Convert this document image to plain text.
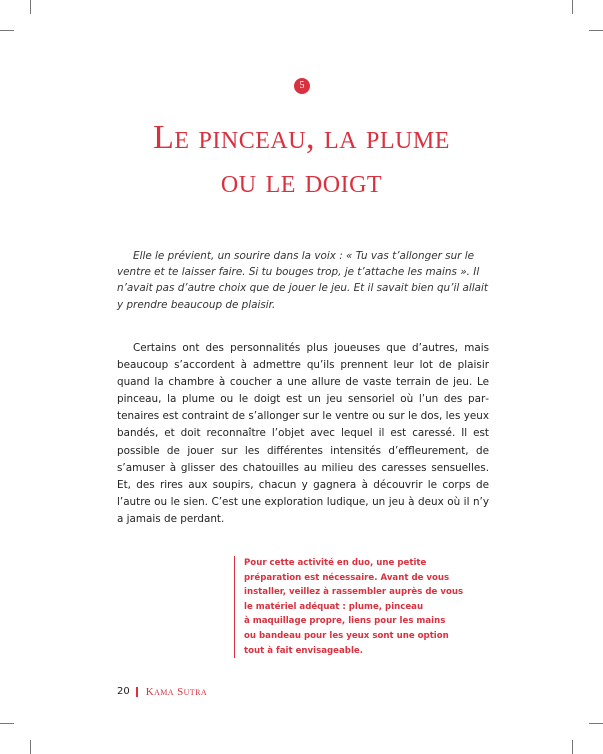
5
Le pinceau, la plume
ou le doigt

Elle le prévient, un sourire dans la voix : « Tu vas t’allonger sur le ventre et te laisser faire. Si tu bouges trop, je t’attache les mains ». Il n’avait pas d’autre choix que de jouer le jeu. Et il savait bien qu’il allait y prendre beaucoup de plaisir.

Certains ont des personnalités plus joueuses que d’autres, mais beaucoup s’accordent à admettre qu’ils prennent leur lot de plaisir quand la chambre à coucher a une allure de vaste terrain de jeu. Le pinceau, la plume ou le doigt est un jeu sensoriel où l’un des partenaires est contraint de s’allonger sur le ventre ou sur le dos, les yeux bandés, et doit reconnaître l’objet avec lequel il est caressé. Il est possible de jouer sur les différentes intensités d’effleurement, de s’amuser à glisser des chatouilles au milieu des caresses sensuelles. Et, des rires aux soupirs, chacun y gagnera à découvrir le corps de l’autre ou le sien. C’est une exploration ludique, un jeu à deux où il n’y a jamais de perdant.

Pour cette activité en duo, une petite
préparation est nécessaire. Avant de vous
installer, veillez à rassembler auprès de vous
le matériel adéquat : plume, pinceau
à maquillage propre, liens pour les mains
ou bandeau pour les yeux sont une option
tout à fait envisageable.
20 Kama Sutra
